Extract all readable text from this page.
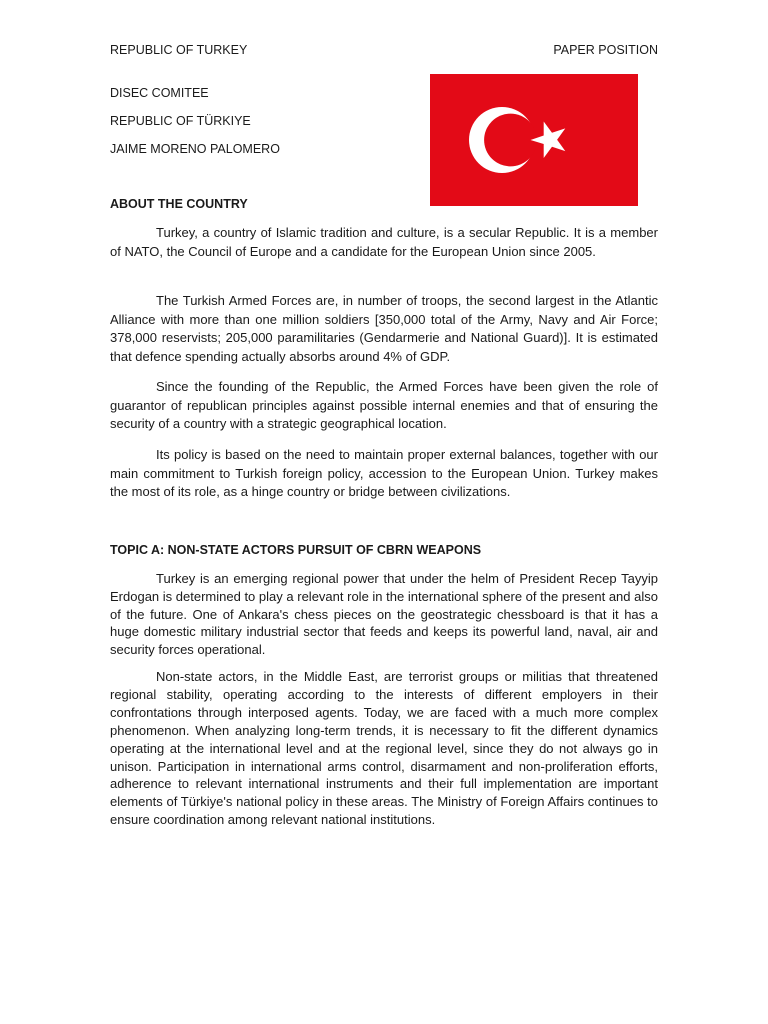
REPUBLIC OF TURKEY	PAPER POSITION
DISEC COMITEE
REPUBLIC OF TÜRKIYE
JAIME MORENO PALOMERO
ABOUT THE COUNTRY

Turkey, a country of Islamic tradition and culture, is a secular Republic. It is a member of NATO, the Council of Europe and a candidate for the European Union since 2005.

The Turkish Armed Forces are, in number of troops, the second largest in the Atlantic Alliance with more than one million soldiers [350,000 total of the Army, Navy and Air Force; 378,000 reservists; 205,000 paramilitaries (Gendarmerie and National Guard)]. It is estimated that defence spending actually absorbs around 4% of GDP.

Since the founding of the Republic, the Armed Forces have been given the role of guarantor of republican principles against possible internal enemies and that of ensuring the security of a country with a strategic geographical location.

Its policy is based on the need to maintain proper external balances, together with our main commitment to Turkish foreign policy, accession to the European Union. Turkey makes the most of its role, as a hinge country or bridge between civilizations.

TOPIC A: NON-STATE ACTORS PURSUIT OF CBRN WEAPONS

Turkey is an emerging regional power that under the helm of President Recep Tayyip Erdogan is determined to play a relevant role in the international sphere of the present and also of the future. One of Ankara's chess pieces on the geostrategic chessboard is that it has a huge domestic military industrial sector that feeds and keeps its powerful land, naval, air and security forces operational.

Non-state actors, in the Middle East, are terrorist groups or militias that threatened regional stability, operating according to the interests of different employers in their confrontations through interposed agents. Today, we are faced with a much more complex phenomenon. When analyzing long-term trends, it is necessary to fit the different dynamics operating at the international level and at the regional level, since they do not always go in unison. Participation in international arms control, disarmament and non-proliferation efforts, adherence to relevant international instruments and their full implementation are important elements of Türkiye's national policy in these areas. The Ministry of Foreign Affairs continues to ensure coordination among relevant national institutions.
